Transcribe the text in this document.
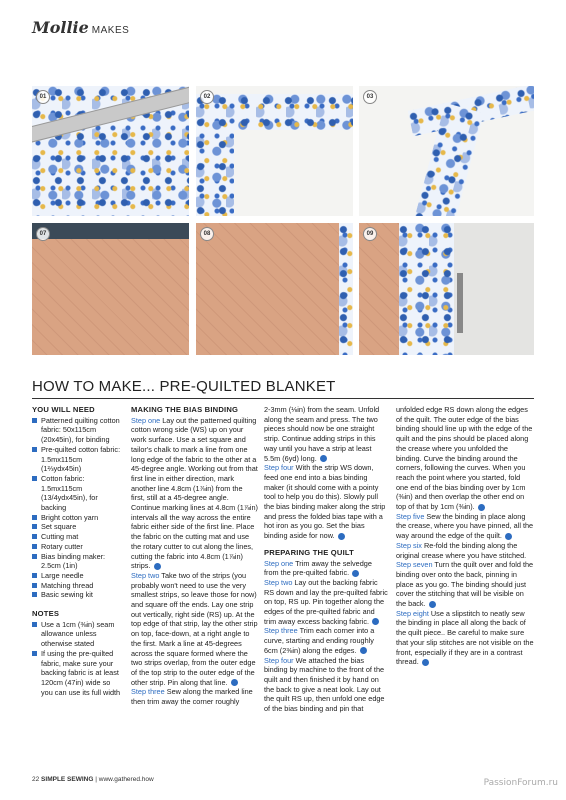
Mollie MAKES
01	02	03
07	08	09
HOW TO MAKE... PRE-QUILTED BLANKET
YOU WILL NEED
Patterned quilting cotton fabric: 50x115cm (20x45in), for binding
Pre-quilted cotton fabric: 1.5mx115cm (1⅔ydx45in)
Cotton fabric: 1.5mx115cm (13/4ydx45in), for backing
Bright cotton yarn
Set square
Cutting mat
Rotary cutter
Bias binding maker: 2.5cm (1in)
Large needle
Matching thread
Basic sewing kit
NOTES
Use a 1cm (⅜in) seam allowance unless otherwise stated
If using the pre-quilted fabric, make sure your backing fabric is at least 120cm (47in) wide so you can use its full width
MAKING THE BIAS BINDING

Step one Lay out the patterned quilting cotton wrong side (WS) up on your work surface. Use a set square and tailor's chalk to mark a line from one long edge of the fabric to the other at a 45-degree angle. Working out from that first line in either direction, mark another line 4.8cm (1⅞in) from the first, still at a 45-degree angle. Continue marking lines at 4.8cm (1⅞in) intervals all the way across the entire fabric either side of the first line. Place the fabric on the cutting mat and use the rotary cutter to cut along the lines, cutting the fabric into 4.8cm (1⅞in) strips.

Step two Take two of the strips (you probably won't need to use the very smallest strips, so leave those for now) and square off the ends. Lay one strip out vertically, right side (RS) up. At the top edge of that strip, lay the other strip on top, face-down, at a right angle to the first. Mark a line at 45-degrees across the square formed where the two strips overlap, from the outer edge of the top strip to the outer edge of the other strip. Pin along that line.

Step three Sew along the marked line then trim away the corner roughly

2-3mm (⅛in) from the seam. Unfold along the seam and press. The two pieces should now be one straight strip. Continue adding strips in this way until you have a strip at least 5.5m (6yd) long.

Step four With the strip WS down, feed one end into a bias binding maker (it should come with a pointy tool to help you do this). Slowly pull the bias binding maker along the strip and press the folded bias tape with a hot iron as you go. Set the bias binding aside for now.

PREPARING THE QUILT

Step one Trim away the selvedge from the pre-quilted fabric.

Step two Lay out the backing fabric RS down and lay the pre-quilted fabric on top, RS up. Pin together along the edges of the pre-quilted fabric and trim away excess backing fabric.

Step three Trim each corner into a curve, starting and ending roughly 6cm (2⅜in) along the edges.

Step four We attached the bias binding by machine to the front of the quilt and then finished it by hand on the back to give a neat look. Lay out the quilt RS up, then unfold one edge of the bias binding and pin that

unfolded edge RS down along the edges of the quilt. The outer edge of the bias binding should line up with the edge of the quilt and the pins should be placed along the crease where you unfolded the binding. Curve the binding around the corners, following the curves. When you reach the point where you started, fold one end of the bias binding over by 1cm (⅜in) and then overlap the other end on top of that by 1cm (⅜in).

Step five Sew the binding in place along the crease, where you have pinned, all the way around the edge of the quilt.

Step six Re-fold the binding along the original crease where you have stitched.

Step seven Turn the quilt over and fold the binding over onto the back, pinning in place as you go. The binding should just cover the stitching that will be visible on the back.

Step eight Use a slipstitch to neatly sew the binding in place all along the back of the quilt piece.. Be careful to make sure that your slip stitches are not visible on the front, especially if they are in a contrast thread.

22 SIMPLE SEWING | www.gathered.how	PassionForum.ru
